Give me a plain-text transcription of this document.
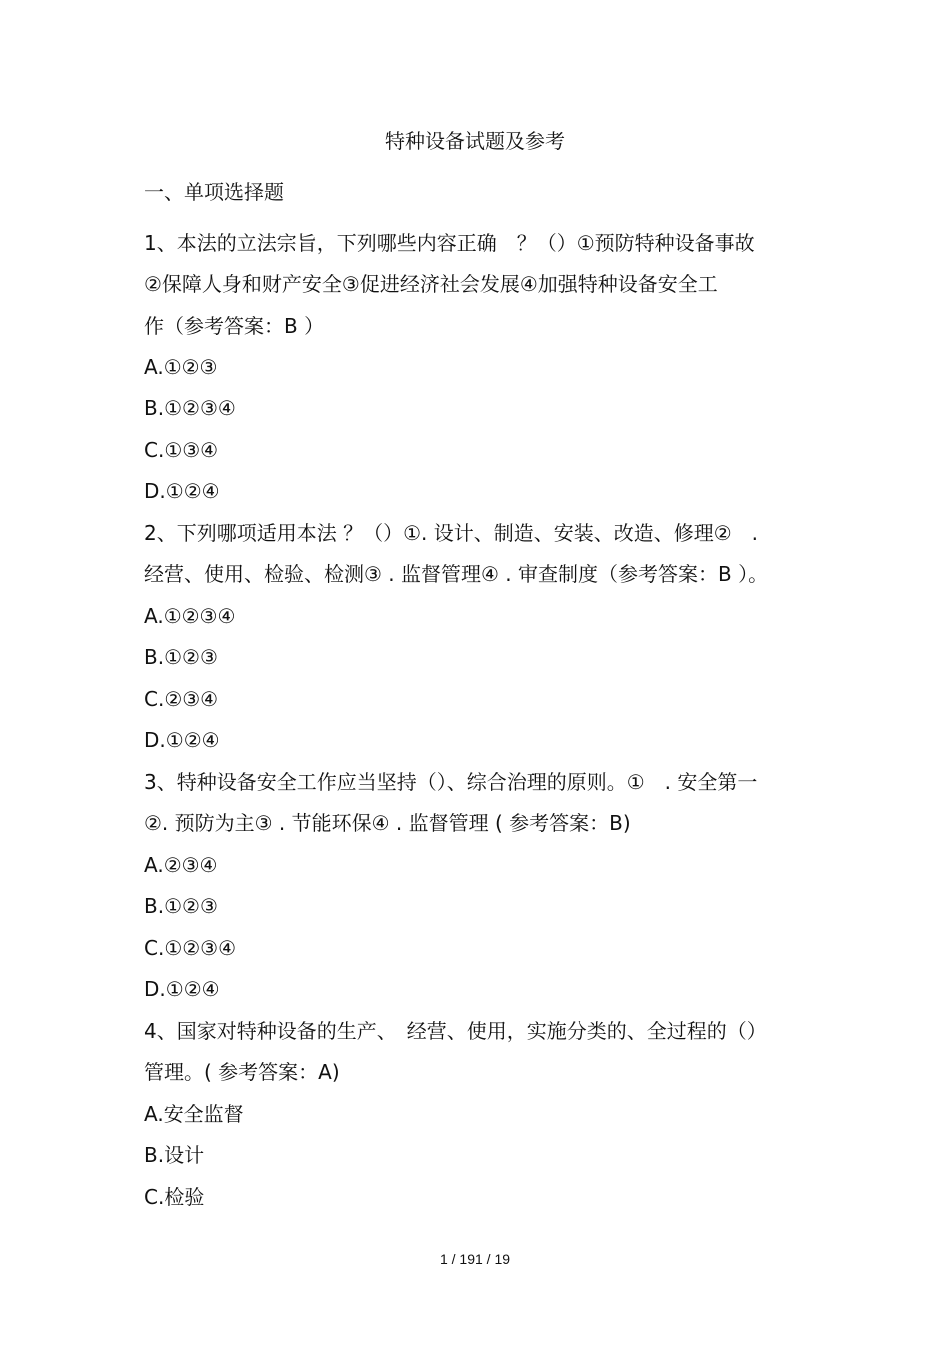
特种设备试题及参考
一、单项选择题
1、本法的立法宗旨，下列哪些内容正确　？（）①预防特种设备事故
②保障人身和财产安全③促进经济社会发展④加强特种设备安全工
作（参考答案：B ）
A.①②③
B.①②③④
C.①③④
D.①②④
2、下列哪项适用本法 ？（）①. 设计、制造、安装、改造、修理②　.
经营、使用、检验、检测③ . 监督管理④ . 审查制度（参考答案：B ）。
A.①②③④
B.①②③
C.②③④
D.①②④
3、特种设备安全工作应当坚持（）、综合治理的原则。①　. 安全第一
②. 预防为主③ . 节能环保④ . 监督管理 ( 参考答案：B)
A.②③④
B.①②③
C.①②③④
D.①②④
4、国家对特种设备的生产、　经营、使用，实施分类的、全过程的（）
管理。( 参考答案：A)
A.安全监督
B.设计
C.检验
1 / 191 / 19
